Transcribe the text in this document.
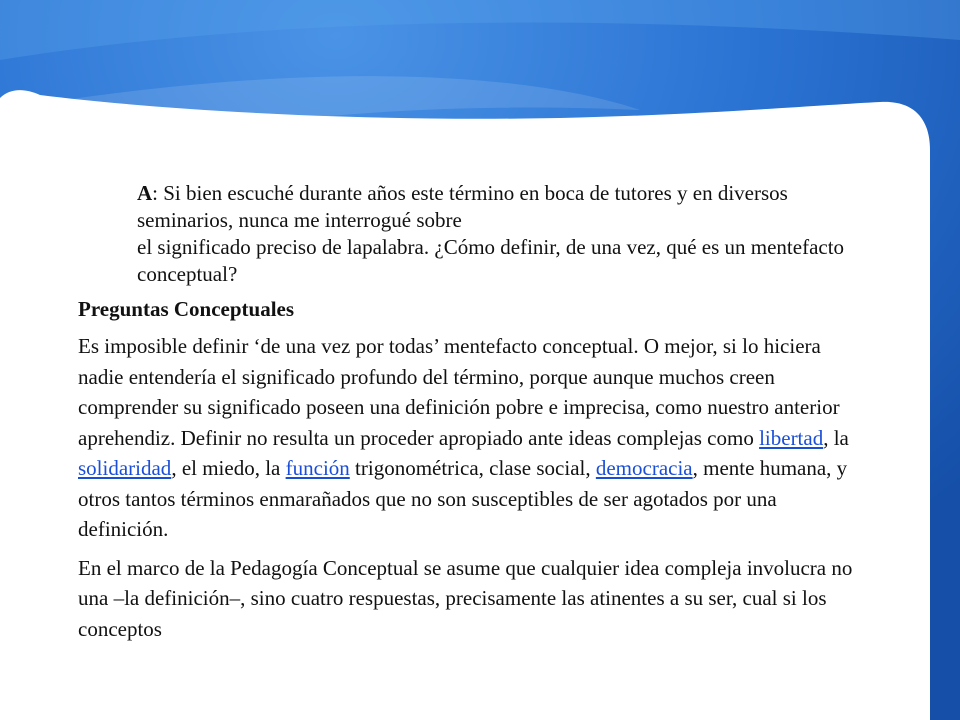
A: Si bien escuché durante años este término en boca de tutores y en diversos seminarios, nunca me interrogué sobre
el significado preciso de lapalabra. ¿Cómo definir, de una vez, qué es un mentefacto conceptual?
Preguntas Conceptuales
Es imposible definir ‘de una vez por todas’ mentefacto conceptual. O mejor, si lo hiciera nadie entendería el significado profundo del término, porque aunque muchos creen comprender su significado poseen una definición pobre e imprecisa, como nuestro anterior aprehendiz. Definir no resulta un proceder apropiado ante ideas complejas como libertad, la solidaridad, el miedo, la función trigonométrica, clase social, democracia, mente humana, y otros tantos términos enmarañados que no son susceptibles de ser agotados por una definición.
En el marco de la Pedagogía Conceptual se asume que cualquier idea compleja involucra no una –la definición–, sino cuatro respuestas, precisamente las atinentes a su ser, cual si los conceptos
